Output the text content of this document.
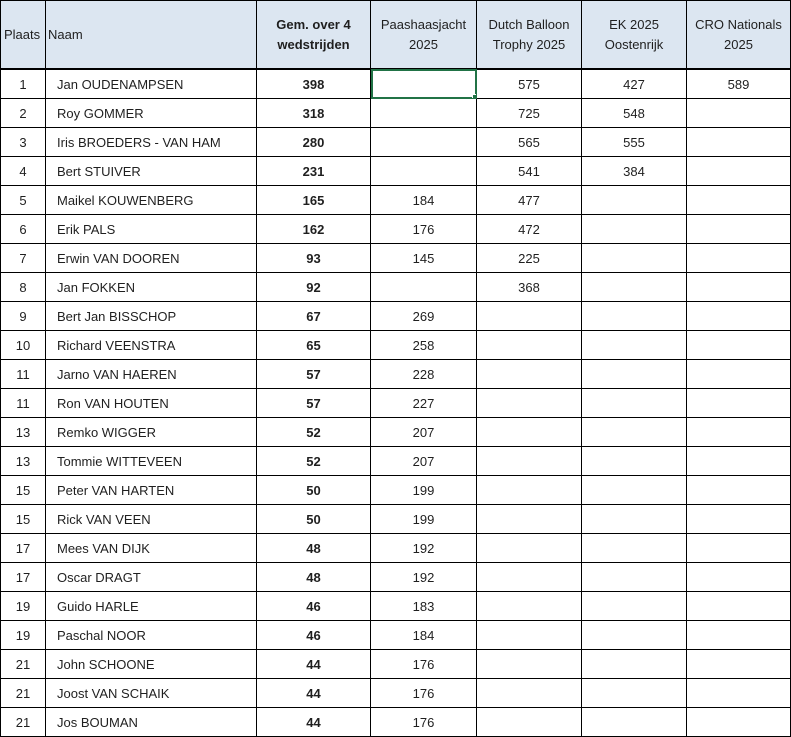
Plaats	Naam	Gem. over 4 wedstrijden	Paashaasjacht 2025	Dutch Balloon Trophy 2025	EK 2025 Oostenrijk	CRO Nationals 2025
1	Jan OUDENAMPSEN	398		575	427	589
2	Roy GOMMER	318		725	548	
3	Iris BROEDERS - VAN HAM	280		565	555	
4	Bert STUIVER	231		541	384	
5	Maikel KOUWENBERG	165	184	477		
6	Erik PALS	162	176	472		
7	Erwin VAN DOOREN	93	145	225		
8	Jan FOKKEN	92		368		
9	Bert Jan BISSCHOP	67	269			
10	Richard VEENSTRA	65	258			
11	Jarno VAN HAEREN	57	228			
11	Ron VAN HOUTEN	57	227			
13	Remko WIGGER	52	207			
13	Tommie WITTEVEEN	52	207			
15	Peter VAN HARTEN	50	199			
15	Rick VAN VEEN	50	199			
17	Mees VAN DIJK	48	192			
17	Oscar DRAGT	48	192			
19	Guido HARLE	46	183			
19	Paschal NOOR	46	184			
21	John SCHOONE	44	176			
21	Joost VAN SCHAIK	44	176			
21	Jos BOUMAN	44	176			
